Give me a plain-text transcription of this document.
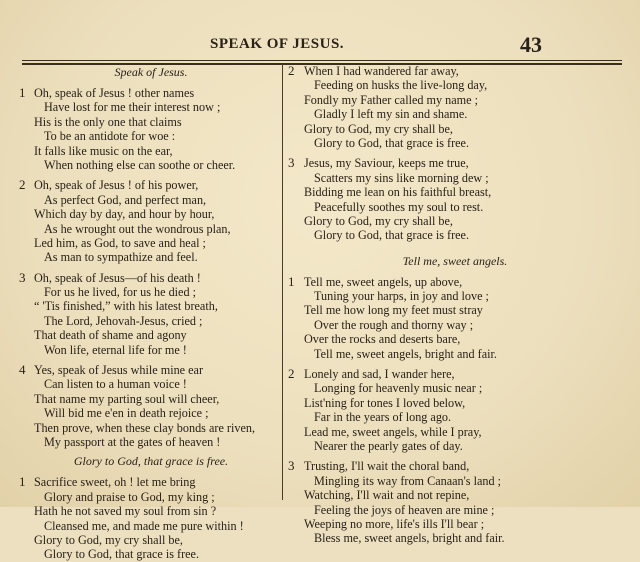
SPEAK OF JESUS.	43
Speak of Jesus.
1 Oh, speak of Jesus ! other names
Have lost for me their interest now ;
His is the only one that claims
To be an antidote for woe :
It falls like music on the ear,
When nothing else can soothe or cheer.
2 Oh, speak of Jesus ! of his power,
As perfect God, and perfect man,
Which day by day, and hour by hour,
As he wrought out the wondrous plan,
Led him, as God, to save and heal ;
As man to sympathize and feel.
3 Oh, speak of Jesus—of his death !
For us he lived, for us he died ;
“ 'Tis finished,” with his latest breath,
The Lord, Jehovah-Jesus, cried ;
That death of shame and agony
Won life, eternal life for me !
4 Yes, speak of Jesus while mine ear
Can listen to a human voice !
That name my parting soul will cheer,
Will bid me e'en in death rejoice ;
Then prove, when these clay bonds are riven,
My passport at the gates of heaven !
Glory to God, that grace is free.
1 Sacrifice sweet, oh ! let me bring
Glory and praise to God, my king ;
Hath he not saved my soul from sin ?
Cleansed me, and made me pure within !
Glory to God, my cry shall be,
Glory to God, that grace is free.
2 When I had wandered far away,
Feeding on husks the live-long day,
Fondly my Father called my name ;
Gladly I left my sin and shame.
Glory to God, my cry shall be,
Glory to God, that grace is free.
3 Jesus, my Saviour, keeps me true,
Scatters my sins like morning dew ;
Bidding me lean on his faithful breast,
Peacefully soothes my soul to rest.
Glory to God, my cry shall be,
Glory to God, that grace is free.
Tell me, sweet angels.
1 Tell me, sweet angels, up above,
Tuning your harps, in joy and love ;
Tell me how long my feet must stray
Over the rough and thorny way ;
Over the rocks and deserts bare,
Tell me, sweet angels, bright and fair.
2 Lonely and sad, I wander here,
Longing for heavenly music near ;
List'ning for tones I loved below,
Far in the years of long ago.
Lead me, sweet angels, while I pray,
Nearer the pearly gates of day.
3 Trusting, I'll wait the choral band,
Mingling its way from Canaan's land ;
Watching, I'll wait and not repine,
Feeling the joys of heaven are mine ;
Weeping no more, life's ills I'll bear ;
Bless me, sweet angels, bright and fair.
